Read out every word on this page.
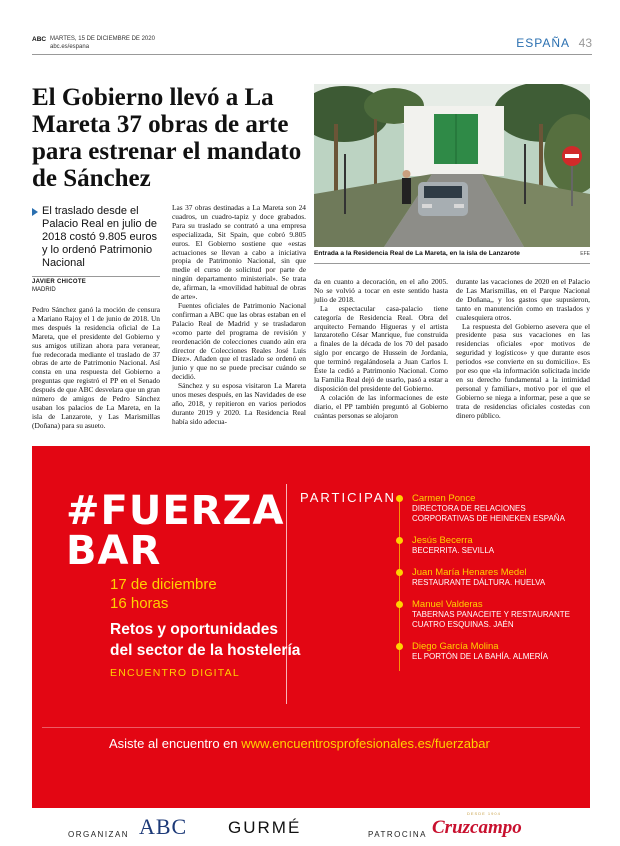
ABC MARTES, 15 DE DICIEMBRE DE 2020
abc.es/espana	ESPAÑA 43
El Gobierno llevó a La Mareta 37 obras de arte para estrenar el mandato de Sánchez
El traslado desde el Palacio Real en julio de 2018 costó 9.805 euros y lo ordenó Patrimonio Nacional
JAVIER CHICOTE
MADRID

Pedro Sánchez ganó la moción de censura a Mariano Rajoy el 1 de junio de 2018. Un mes después la residencia oficial de La Mareta, que el presidente del Gobierno y sus amigos utilizan ahora para veranear, fue redecorada mediante el traslado de 37 obras de arte de Patrimonio Nacional. Así consta en una respuesta del Gobierno a preguntas que registró el PP en el Senado después de que ABC desvelara que un gran número de amigos de Pedro Sánchez usaban los palacios de La Mareta, en la isla de Lanzarote, y Las Marismillas (Doñana) para su asueto.

Las 37 obras destinadas a La Mareta son 24 cuadros, un cuadro-tapiz y doce grabados. Para su traslado se contrató a una empresa especializada, Sit Spain, que cobró 9.805 euros. El Gobierno sostiene que «estas actuaciones se llevan a cabo a iniciativa propia de Patrimonio Nacional, sin que medie el curso de solicitud por parte de ningún departamento ministerial». Se trata de, afirman, la «movilidad habitual de obras de arte».

Fuentes oficiales de Patrimonio Nacional confirman a ABC que las obras estaban en el Palacio Real de Madrid y se trasladaron «como parte del programa de revisión y reordenación de colecciones cuando aún era director de Colecciones Reales José Luis Díez». Añaden que el traslado se ordenó en junio y que no se puede precisar cuándo se decidió.

Sánchez y su esposa visitaron La Mareta unos meses después, en las Navidades de ese año, 2018, y repitieron en varios periodos durante 2019 y 2020. La Residencia Real había sido adecua-

da en cuanto a decoración, en el año 2005. No se volvió a tocar en este sentido hasta julio de 2018.

La espectacular casa-palacio tiene categoría de Residencia Real. Obra del arquitecto Fernando Higueras y el artista lanzaroteño César Manrique, fue construida a finales de la década de los 70 del pasado siglo por encargo de Hussein de Jordania, que terminó regalándosela a Juan Carlos I. Éste la cedió a Patrimonio Nacional. Como la Familia Real dejó de usarlo, pasó a estar a disposición del presidente del Gobierno.

A colación de las informaciones de este diario, el PP también preguntó al Gobierno cuántas personas se alojaron

durante las vacaciones de 2020 en el Palacio de Las Marismillas, en el Parque Nacional de Doñana,, y los gastos que supusieron, tanto en manutención como en traslados y cualesquiera otros.

La respuesta del Gobierno asevera que el presidente pasa sus vacaciones en las residencias oficiales «por motivos de seguridad y logísticos» y que durante esos periodos «se convierte en su domicilio». Es por eso que «la información solicitada incide en su derecho fundamental a la intimidad personal y familiar», motivo por el que el Gobierno se niega a informar, pese a que se trata de residencias oficiales costedas con dinero público.

Entrada a la Residencia Real de La Mareta, en la isla de Lanzarote	EFE
#FUERZA BAR
17 de diciembre
16 horas
Retos y oportunidades
del sector de la hostelería
ENCUENTRO DIGITAL
PARTICIPAN Carmen Ponce
DIRECTORA DE RELACIONES CORPORATIVAS DE HEINEKEN ESPAÑA
Jesús Becerra
BECERRITA. SEVILLA
Juan María Henares Medel
RESTAURANTE DÁLTURA. HUELVA
Manuel Valderas
TABERNAS PANACEITE Y RESTAURANTE CUATRO ESQUINAS. JAÉN
Diego García Molina
EL PORTÓN DE LA BAHÍA. ALMERÍA
Asiste al encuentro en www.encuentrosprofesionales.es/fuerzabar
ORGANIZAN ABC GURMÉ	PATROCINA
DESDE 1904
Cruzcampo
